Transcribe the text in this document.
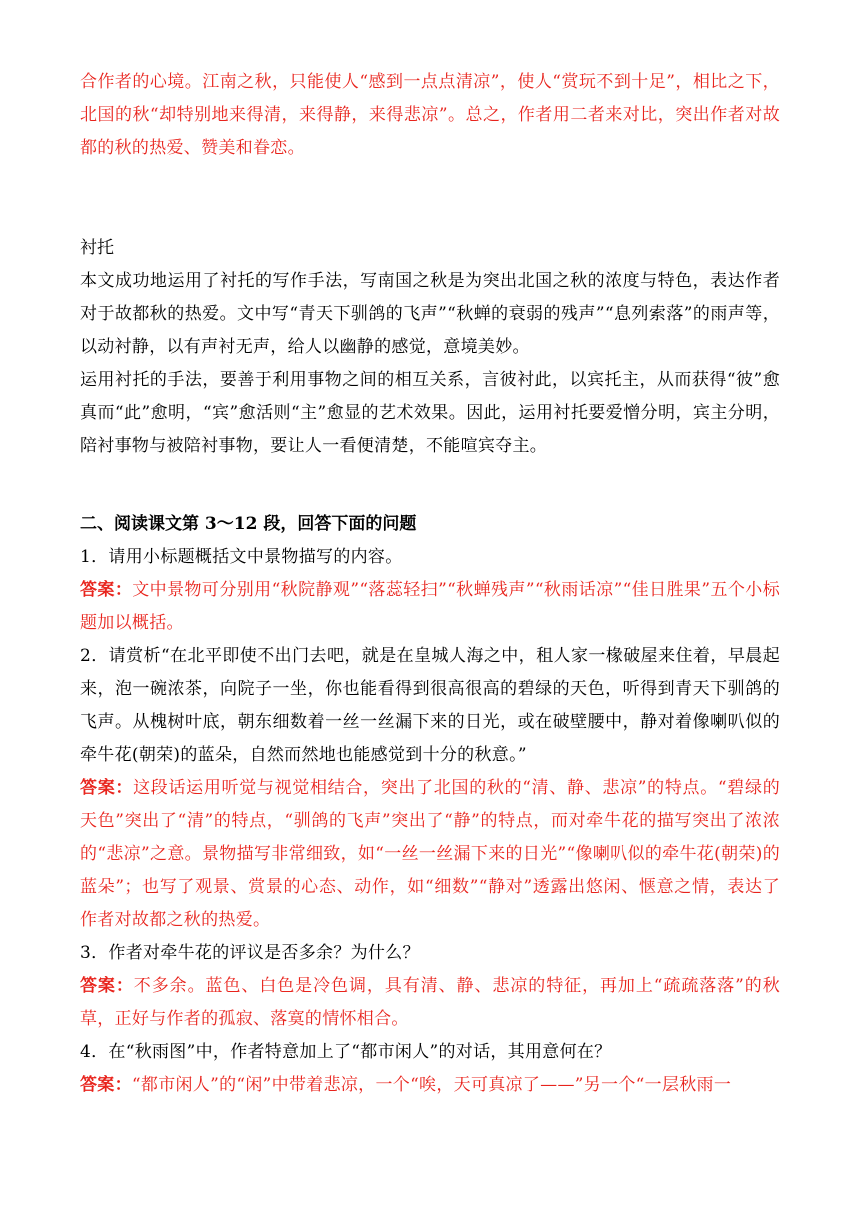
合作者的心境。江南之秋，只能使人“感到一点点清凉”，使人“赏玩不到十足”，相比之下，北国的秋“却特别地来得清，来得静，来得悲凉”。总之，作者用二者来对比，突出作者对故都的秋的热爱、赞美和眷恋。

衬托

本文成功地运用了衬托的写作手法，写南国之秋是为突出北国之秋的浓度与特色，表达作者对于故都秋的热爱。文中写“青天下驯鸽的飞声”“秋蝉的衰弱的残声”“息列索落”的雨声等，以动衬静，以有声衬无声，给人以幽静的感觉，意境美妙。

运用衬托的手法，要善于利用事物之间的相互关系，言彼衬此，以宾托主，从而获得“彼”愈真而“此”愈明，“宾”愈活则“主”愈显的艺术效果。因此，运用衬托要爱憎分明，宾主分明，陪衬事物与被陪衬事物，要让人一看便清楚，不能喧宾夺主。

二、阅读课文第 3～12 段，回答下面的问题

1．请用小标题概括文中景物描写的内容。

答案：文中景物可分别用“秋院静观”“落蕊轻扫”“秋蝉残声”“秋雨话凉”“佳日胜果”五个小标题加以概括。

2．请赏析“在北平即使不出门去吧，就是在皇城人海之中，租人家一椽破屋来住着，早晨起来，泡一碗浓茶，向院子一坐，你也能看得到很高很高的碧绿的天色，听得到青天下驯鸽的飞声。从槐树叶底，朝东细数着一丝一丝漏下来的日光，或在破壁腰中，静对着像喇叭似的牵牛花(朝荣)的蓝朵，自然而然地也能感觉到十分的秋意。”

答案：这段话运用听觉与视觉相结合，突出了北国的秋的“清、静、悲凉”的特点。“碧绿的天色”突出了“清”的特点，“驯鸽的飞声”突出了“静”的特点，而对牵牛花的描写突出了浓浓的“悲凉”之意。景物描写非常细致，如“一丝一丝漏下来的日光”“像喇叭似的牵牛花(朝荣)的蓝朵”；也写了观景、赏景的心态、动作，如“细数”“静对”透露出悠闲、惬意之情，表达了作者对故都之秋的热爱。

3．作者对牵牛花的评议是否多余？为什么？

答案：不多余。蓝色、白色是冷色调，具有清、静、悲凉的特征，再加上“疏疏落落”的秋草，正好与作者的孤寂、落寞的情怀相合。

4．在“秋雨图”中，作者特意加上了“都市闲人”的对话，其用意何在？

答案：“都市闲人”的“闲”中带着悲凉，一个“唉，天可真凉了——”另一个“一层秋雨一
